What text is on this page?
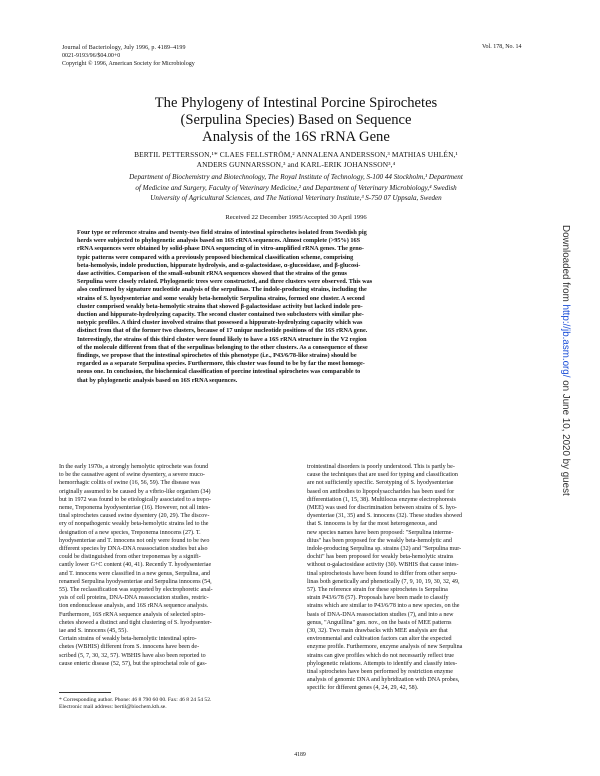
Journal of Bacteriology, July 1996, p. 4189–4199
0021-9193/96/$04.00+0
Copyright © 1996, American Society for Microbiology
Vol. 178, No. 14
The Phylogeny of Intestinal Porcine Spirochetes
(Serpulina Species) Based on Sequence
Analysis of the 16S rRNA Gene
BERTIL PETTERSSON,¹* CLAES FELLSTRÖM,² ANNALENA ANDERSSON,³ MATHIAS UHLÉN,¹
ANDERS GUNNARSSON,³ and KARL-ERIK JOHANSSON³,⁴
Department of Biochemistry and Biotechnology, The Royal Institute of Technology, S-100 44 Stockholm,¹ Department
of Medicine and Surgery, Faculty of Veterinary Medicine,² and Department of Veterinary Microbiology,⁴ Swedish
University of Agricultural Sciences, and The National Veterinary Institute,³ S-750 07 Uppsala, Sweden
Received 22 December 1995/Accepted 30 April 1996
Four type or reference strains and twenty-two field strains of intestinal spirochetes isolated from Swedish pig
herds were subjected to phylogenetic analysis based on 16S rRNA sequences. Almost complete (>95%) 16S
rRNA sequences were obtained by solid-phase DNA sequencing of in vitro-amplified rRNA genes. The geno-
typic patterns were compared with a previously proposed biochemical classification scheme, comprising
beta-hemolysis, indole production, hippurate hydrolysis, and α-galactosidase, α-glucosidase, and β-glucosi-
dase activities. Comparison of the small-subunit rRNA sequences showed that the strains of the genus
Serpulina were closely related. Phylogenetic trees were constructed, and three clusters were observed. This was
also confirmed by signature nucleotide analysis of the serpulinas. The indole-producing strains, including the
strains of S. hyodysenteriae and some weakly beta-hemolytic Serpulina strains, formed one cluster. A second
cluster comprised weakly beta-hemolytic strains that showed β-galactosidase activity but lacked indole pro-
duction and hippurate-hydrolyzing capacity. The second cluster contained two subclusters with similar phe-
notypic profiles. A third cluster involved strains that possessed a hippurate-hydrolyzing capacity which was
distinct from that of the former two clusters, because of 17 unique nucleotide positions of the 16S rRNA gene.
Interestingly, the strains of this third cluster were found likely to have a 16S rRNA structure in the V2 region
of the molecule different from that of the serpulinas belonging to the other clusters. As a consequence of these
findings, we propose that the intestinal spirochetes of this phenotype (i.e., P43/6/78-like strains) should be
regarded as a separate Serpulina species. Furthermore, this cluster was found to be by far the most homoge-
neous one. In conclusion, the biochemical classification of porcine intestinal spirochetes was comparable to
that by phylogenetic analysis based on 16S rRNA sequences.
In the early 1970s, a strongly hemolytic spirochete was found
to be the causative agent of swine dysentery, a severe muco-
hemorrhagic colitis of swine (16, 56, 59). The disease was
originally assumed to be caused by a vibrio-like organism (34)
but in 1972 was found to be etiologically associated to a trepo-
neme, Treponema hyodysenteriae (16). However, not all intes-
tinal spirochetes caused swine dysentery (20, 29). The discov-
ery of nonpathogenic weakly beta-hemolytic strains led to the
designation of a new species, Treponema innocens (27). T.
hyodysenteriae and T. innocens not only were found to be two
different species by DNA-DNA reassociation studies but also
could be distinguished from other treponemas by a signifi-
cantly lower G+C content (40, 41). Recently T. hyodysenteriae
and T. innocens were classified in a new genus, Serpulina, and
renamed Serpulina hyodysenteriae and Serpulina innocens (54,
55). The reclassification was supported by electrophoretic anal-
ysis of cell proteins, DNA-DNA reassociation studies, restric-
tion endonuclease analysis, and 16S rRNA sequence analysis.
Furthermore, 16S rRNA sequence analysis of selected spiro-
chetes showed a distinct and tight clustering of S. hyodysenter-
iae and S. innocens (45, 55).
Certain strains of weakly beta-hemolytic intestinal spiro-
chetes (WBHIS) different from S. innocens have been de-
scribed (5, 7, 30, 32, 57). WBHIS have also been reported to
cause enteric disease (52, 57), but the spirochetal role of gas-
trointestinal disorders is poorly understood. This is partly be-
cause the techniques that are used for typing and classification
are not sufficiently specific. Serotyping of S. hyodysenteriae
based on antibodies to lipopolysaccharides has been used for
differentiation (1, 15, 38). Multilocus enzyme electrophoresis
(MEE) was used for discrimination between strains of S. hyo-
dysenteriae (31, 35) and S. innocens (32). These studies showed
that S. innocens is by far the most heterogeneous, and
new species names have been proposed: "Serpulina interme-
diius" has been proposed for the weakly beta-hemolytic and
indole-producing Serpulina sp. strains (32) and "Serpulina mur-
dochii" has been proposed for weakly beta-hemolytic strains
without α-galactosidase activity (30). WBHIS that cause intes-
tinal spirochetosis have been found to differ from other serpu-
linas both genetically and phenetically (7, 9, 10, 19, 30, 32, 49,
57). The reference strain for these spirochetes is Serpulina
strain P43/6/78 (57). Proposals have been made to classify
strains which are similar to P43/6/78 into a new species, on the
basis of DNA-DNA reassociation studies (7), and into a new
genus, "Anguillina" gen. nov., on the basis of MEE patterns
(30, 32). Two main drawbacks with MEE analysis are that
environmental and cultivation factors can alter the expected
enzyme profile. Furthermore, enzyme analysis of new Serpulina
strains can give profiles which do not necessarily reflect true
phylogenetic relations. Attempts to identify and classify intes-
tinal spirochetes have been performed by restriction enzyme
analysis of genomic DNA and hybridization with DNA probes,
specific for different genes (4, 24, 29, 42, 58).
* Corresponding author. Phone: 46 8 790 60 00. Fax: 46 8 24 54 52.
Electronic mail address: bertil@biochem.kth.se.
4189
Downloaded from http://jb.asm.org/ on June 10, 2020 by guest
